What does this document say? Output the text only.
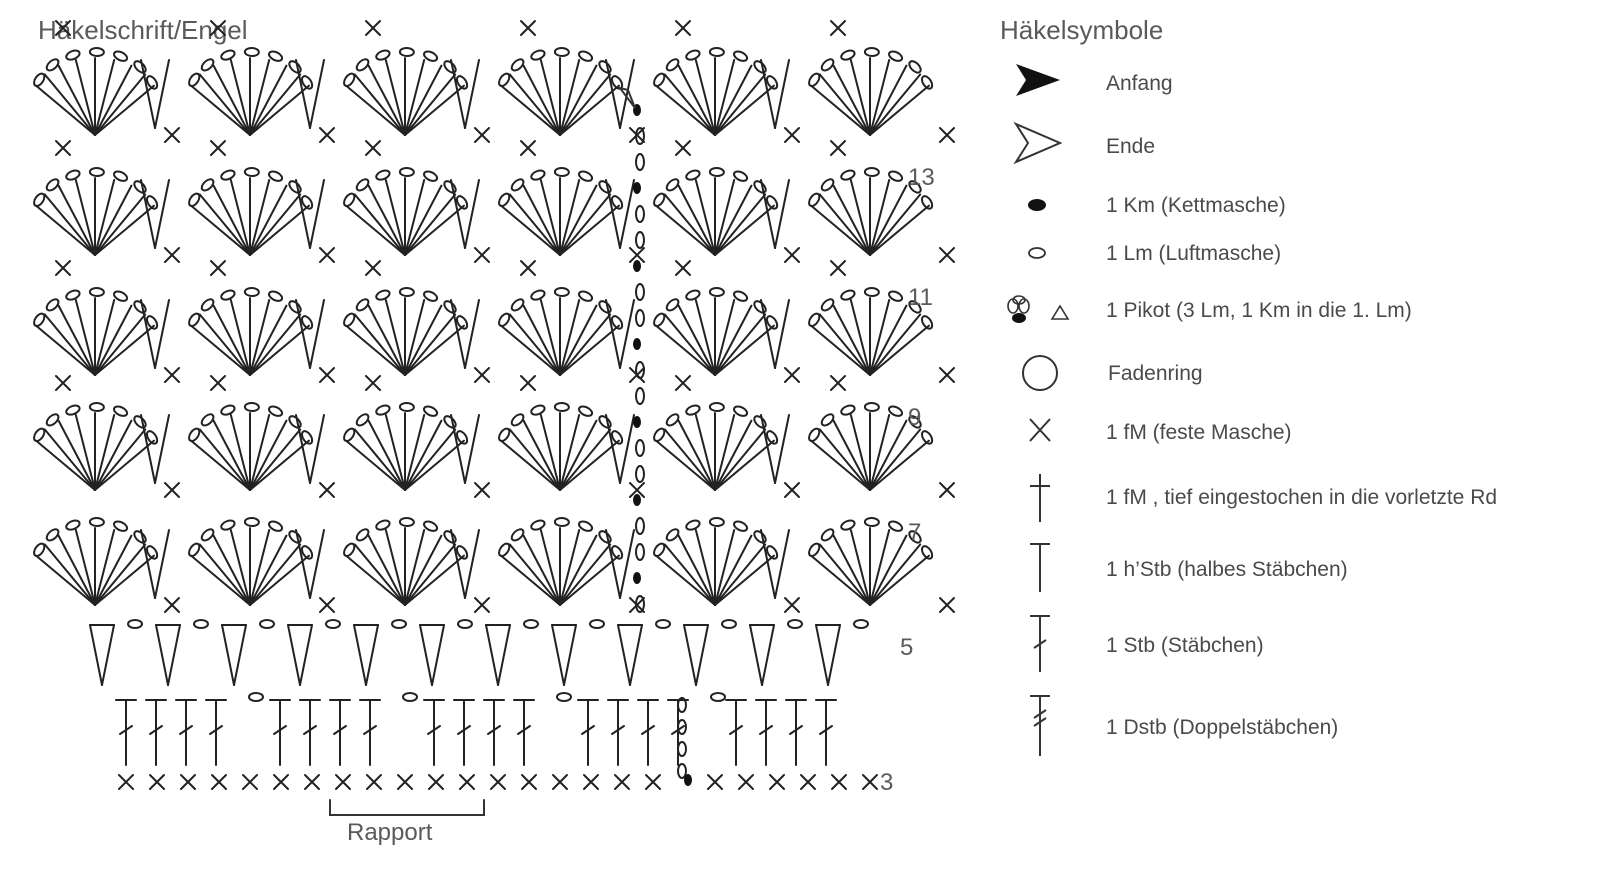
Häkelschrift/Engel	Häkelsymbole
3
5
7
9
11
13
Rapport
Anfang
Ende
1 Km (Kettmasche)
1 Lm (Luftmasche)
1 Pikot (3 Lm, 1 Km in die 1. Lm)
Fadenring
1 fM (feste Masche)
1 fM , tief eingestochen in die vorletzte Rd
1 h’Stb (halbes Stäbchen)
1 Stb (Stäbchen)
1 Dstb (Doppelstäbchen)
